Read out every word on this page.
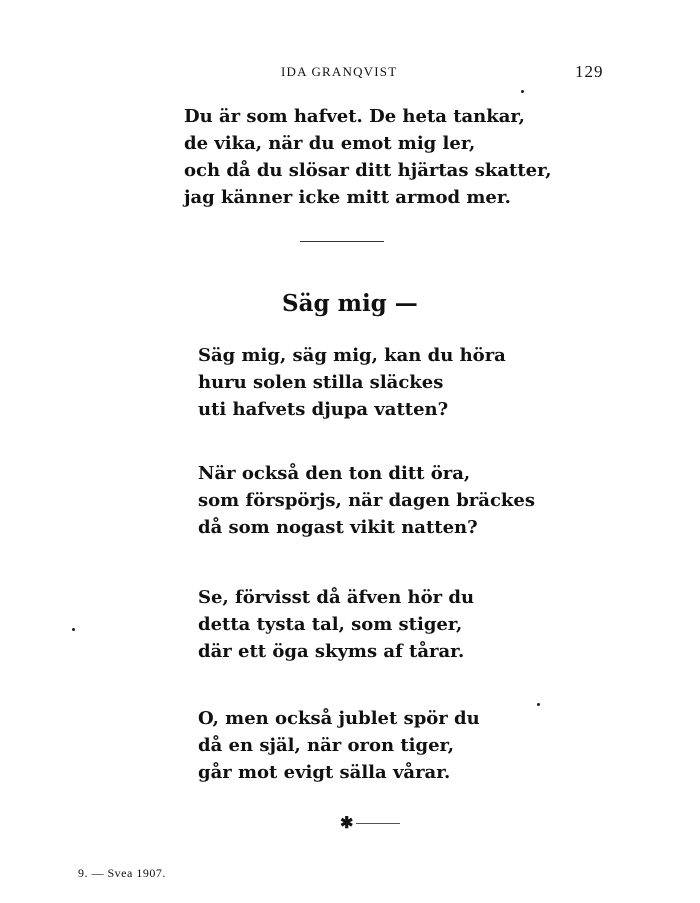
IDA GRANQVIST	129
Du är som hafvet. De heta tankar,
de vika, när du emot mig ler,
och då du slösar ditt hjärtas skatter,
jag känner icke mitt armod mer.
Säg mig —
Säg mig, säg mig, kan du höra
huru solen stilla släckes
uti hafvets djupa vatten?
När också den ton ditt öra,
som förspörjs, när dagen bräckes
då som nogast vikit natten?
Se, förvisst då äfven hör du
detta tysta tal, som stiger,
där ett öga skyms af tårar.
O, men också jublet spör du
då en själ, när oron tiger,
går mot evigt sälla vårar.
✱
9. — Svea 1907.
